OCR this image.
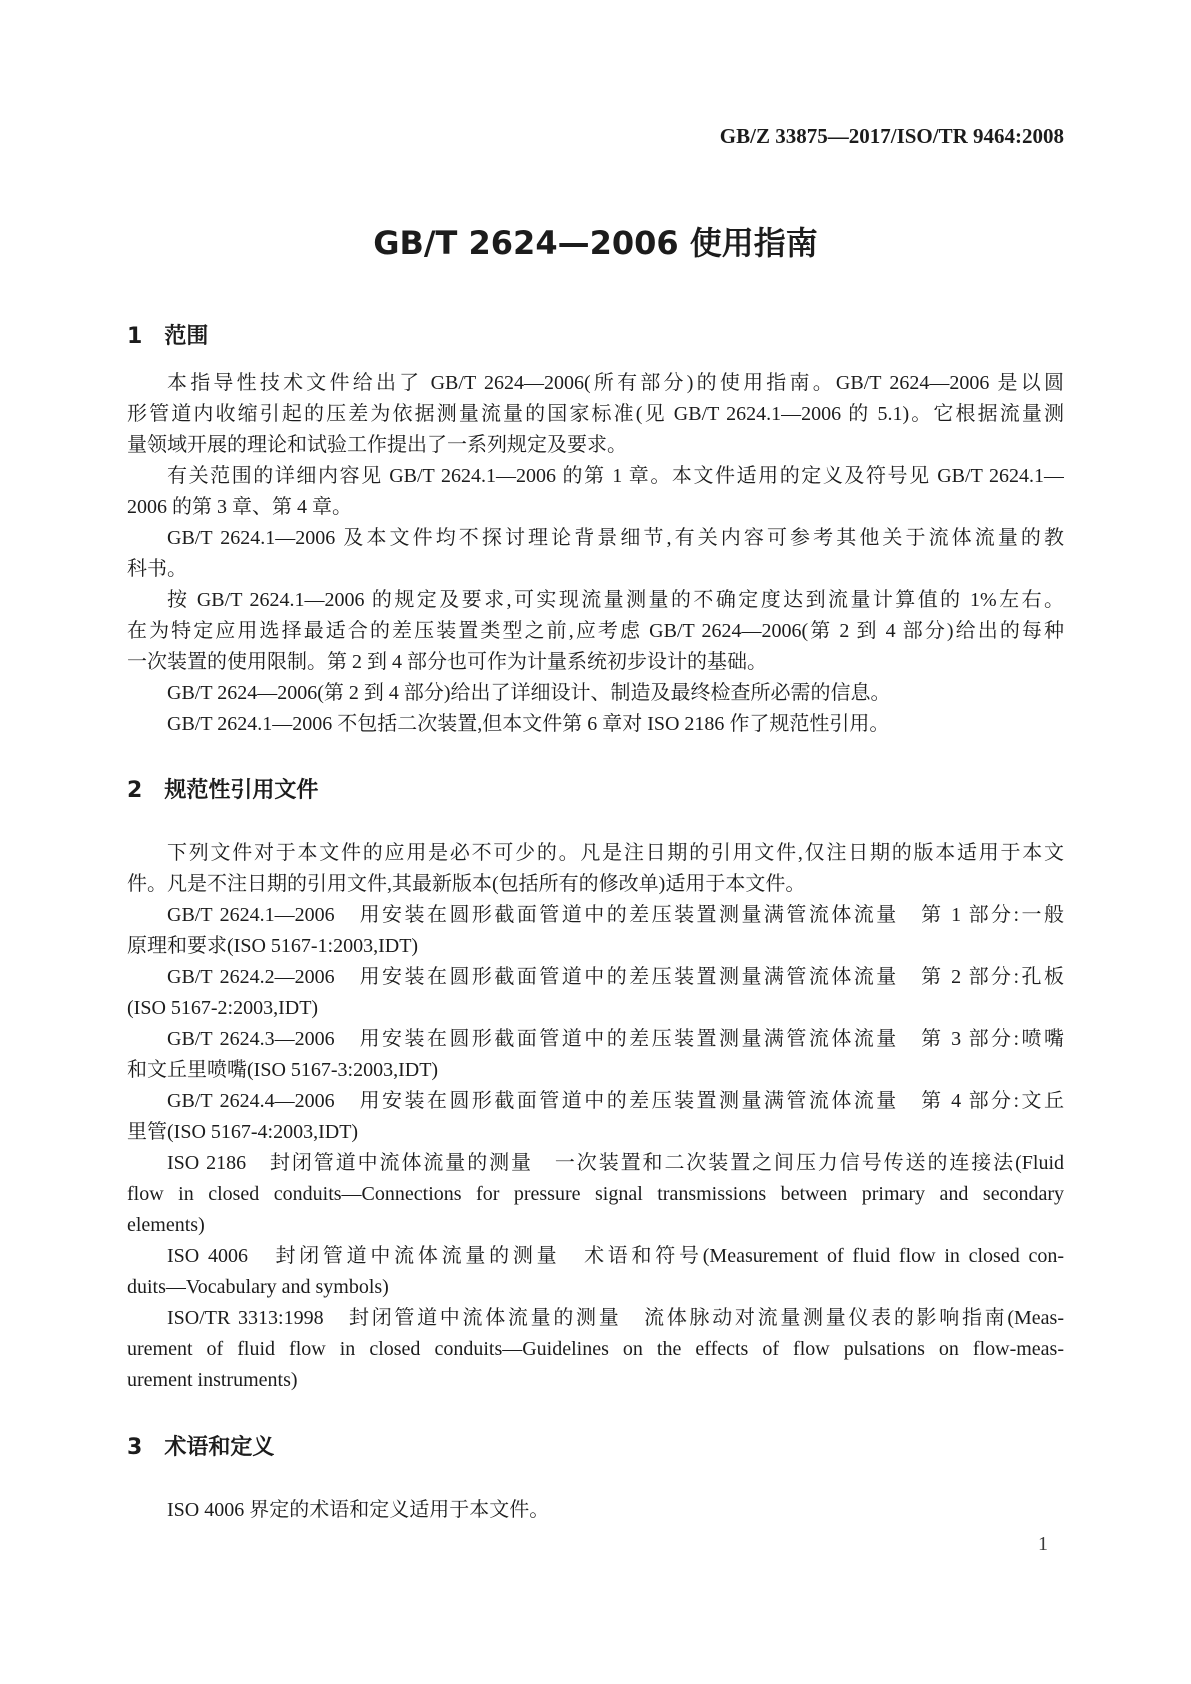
GB/Z 33875—2017/ISO/TR 9464:2008
GB/T 2624—2006 使用指南
1 范围
本指导性技术文件给出了 GB/T 2624—2006(所有部分)的使用指南。GB/T 2624—2006 是以圆
形管道内收缩引起的压差为依据测量流量的国家标准(见 GB/T 2624.1—2006 的 5.1)。它根据流量测
量领域开展的理论和试验工作提出了一系列规定及要求。
有关范围的详细内容见 GB/T 2624.1—2006 的第 1 章。本文件适用的定义及符号见 GB/T 2624.1—
2006 的第 3 章、第 4 章。
GB/T 2624.1—2006 及本文件均不探讨理论背景细节,有关内容可参考其他关于流体流量的教
科书。
按 GB/T 2624.1—2006 的规定及要求,可实现流量测量的不确定度达到流量计算值的 1%左右。
在为特定应用选择最适合的差压装置类型之前,应考虑 GB/T 2624—2006(第 2 到 4 部分)给出的每种
一次装置的使用限制。第 2 到 4 部分也可作为计量系统初步设计的基础。
GB/T 2624—2006(第 2 到 4 部分)给出了详细设计、制造及最终检查所必需的信息。
GB/T 2624.1—2006 不包括二次装置,但本文件第 6 章对 ISO 2186 作了规范性引用。
2 规范性引用文件
下列文件对于本文件的应用是必不可少的。凡是注日期的引用文件,仅注日期的版本适用于本文
件。凡是不注日期的引用文件,其最新版本(包括所有的修改单)适用于本文件。
GB/T 2624.1—2006　用安装在圆形截面管道中的差压装置测量满管流体流量　第 1 部分:一般
原理和要求(ISO 5167-1:2003,IDT)
GB/T 2624.2—2006　用安装在圆形截面管道中的差压装置测量满管流体流量　第 2 部分:孔板
(ISO 5167-2:2003,IDT)
GB/T 2624.3—2006　用安装在圆形截面管道中的差压装置测量满管流体流量　第 3 部分:喷嘴
和文丘里喷嘴(ISO 5167-3:2003,IDT)
GB/T 2624.4—2006　用安装在圆形截面管道中的差压装置测量满管流体流量　第 4 部分:文丘
里管(ISO 5167-4:2003,IDT)
ISO 2186　封闭管道中流体流量的测量　一次装置和二次装置之间压力信号传送的连接法(Fluid
flow in closed conduits—Connections for pressure signal transmissions between primary and secondary
elements)
ISO 4006　封闭管道中流体流量的测量　术语和符号(Measurement of fluid flow in closed con-
duits—Vocabulary and symbols)
ISO/TR 3313:1998　封闭管道中流体流量的测量　流体脉动对流量测量仪表的影响指南(Meas-
urement of fluid flow in closed conduits—Guidelines on the effects of flow pulsations on flow-meas-
urement instruments)
3 术语和定义
ISO 4006 界定的术语和定义适用于本文件。
1
